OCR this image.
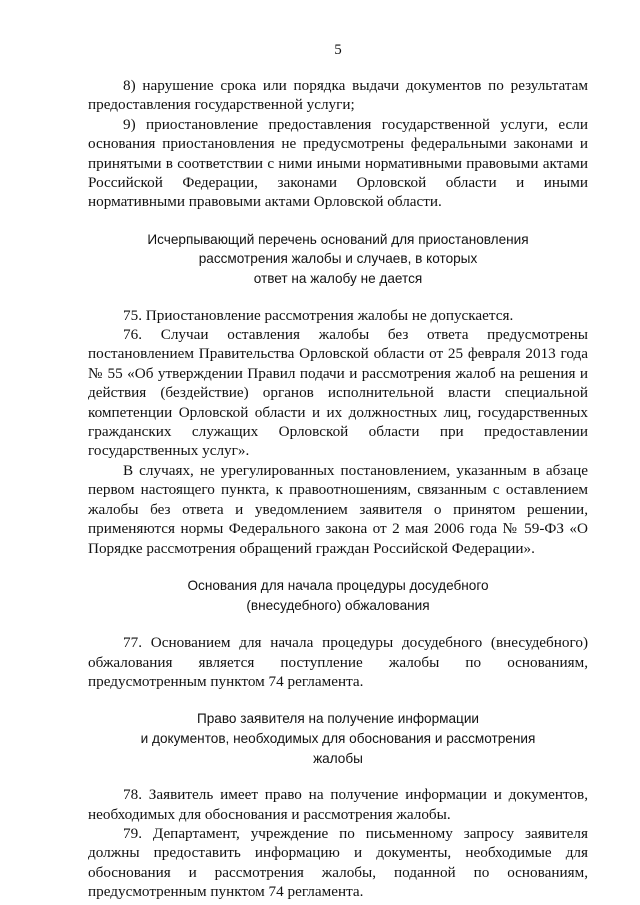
5

8) нарушение срока или порядка выдачи документов по результатам предоставления государственной услуги;

9) приостановление предоставления государственной услуги, если основания приостановления не предусмотрены федеральными законами и принятыми в соответствии с ними иными нормативными правовыми актами Российской Федерации, законами Орловской области и иными нормативными правовыми актами Орловской области.

Исчерпывающий перечень оснований для приостановления
рассмотрения жалобы и случаев, в которых
ответ на жалобу не дается

75. Приостановление рассмотрения жалобы не допускается.

76. Случаи оставления жалобы без ответа предусмотрены постановлением Правительства Орловской области от 25 февраля 2013 года № 55 «Об утверждении Правил подачи и рассмотрения жалоб на решения и действия (бездействие) органов исполнительной власти специальной компетенции Орловской области и их должностных лиц, государственных гражданских служащих Орловской области при предоставлении государственных услуг».

В случаях, не урегулированных постановлением, указанным в абзаце первом настоящего пункта, к правоотношениям, связанным с оставлением жалобы без ответа и уведомлением заявителя о принятом решении, применяются нормы Федерального закона от 2 мая 2006 года № 59-ФЗ «О Порядке рассмотрения обращений граждан Российской Федерации».

Основания для начала процедуры досудебного
(внесудебного) обжалования

77. Основанием для начала процедуры досудебного (внесудебного) обжалования является поступление жалобы по основаниям, предусмотренным пунктом 74 регламента.

Право заявителя на получение информации
и документов, необходимых для обоснования и рассмотрения
жалобы

78. Заявитель имеет право на получение информации и документов, необходимых для обоснования и рассмотрения жалобы.

79. Департамент, учреждение по письменному запросу заявителя должны предоставить информацию и документы, необходимые для обоснования и рассмотрения жалобы, поданной по основаниям, предусмотренным пунктом 74 регламента.
